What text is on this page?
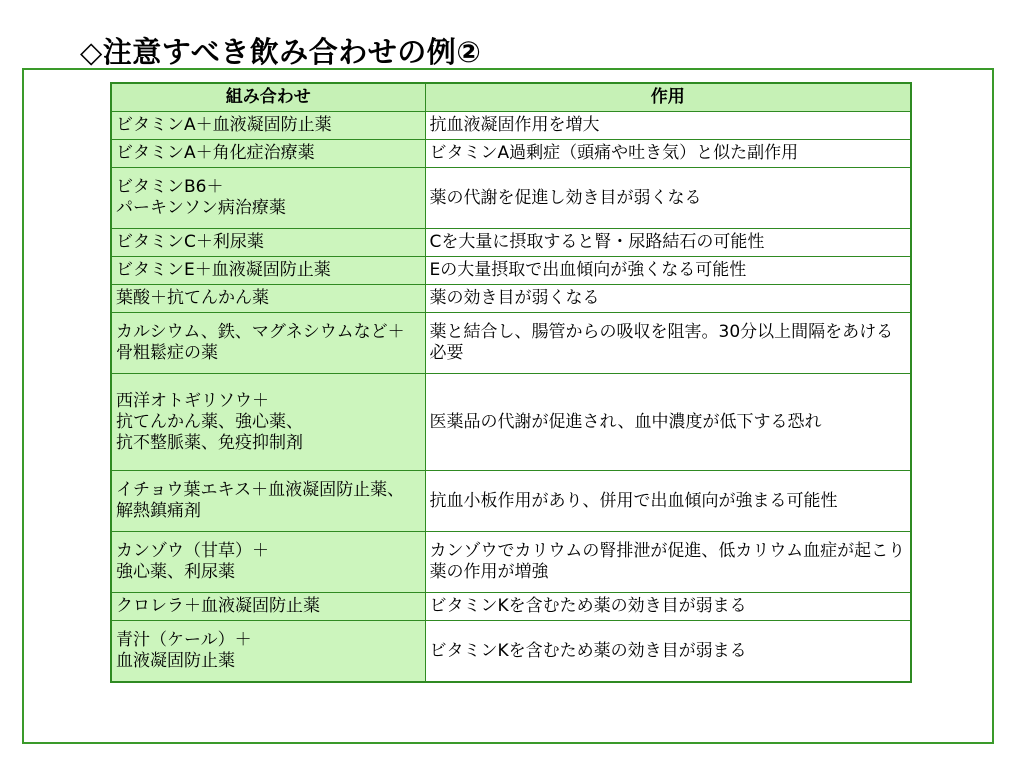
◇注意すべき飲み合わせの例②
組み合わせ	作用
ビタミンA＋血液凝固防止薬	抗血液凝固作用を増大
ビタミンA＋角化症治療薬	ビタミンA過剰症（頭痛や吐き気）と似た副作用
ビタミンB6＋
パーキンソン病治療薬	薬の代謝を促進し効き目が弱くなる
ビタミンC＋利尿薬	Cを大量に摂取すると腎・尿路結石の可能性
ビタミンE＋血液凝固防止薬	Eの大量摂取で出血傾向が強くなる可能性
葉酸＋抗てんかん薬	薬の効き目が弱くなる
カルシウム、鉄、マグネシウムなど＋骨粗鬆症の薬	薬と結合し、腸管からの吸収を阻害。30分以上間隔をあける必要
西洋オトギリソウ＋
抗てんかん薬、強心薬、
抗不整脈薬、免疫抑制剤	医薬品の代謝が促進され、血中濃度が低下する恐れ
イチョウ葉エキス＋血液凝固防止薬、解熱鎮痛剤	抗血小板作用があり、併用で出血傾向が強まる可能性
カンゾウ（甘草）＋
強心薬、利尿薬	カンゾウでカリウムの腎排泄が促進、低カリウム血症が起こり薬の作用が増強
クロレラ＋血液凝固防止薬	ビタミンKを含むため薬の効き目が弱まる
青汁（ケール）＋
血液凝固防止薬	ビタミンKを含むため薬の効き目が弱まる
